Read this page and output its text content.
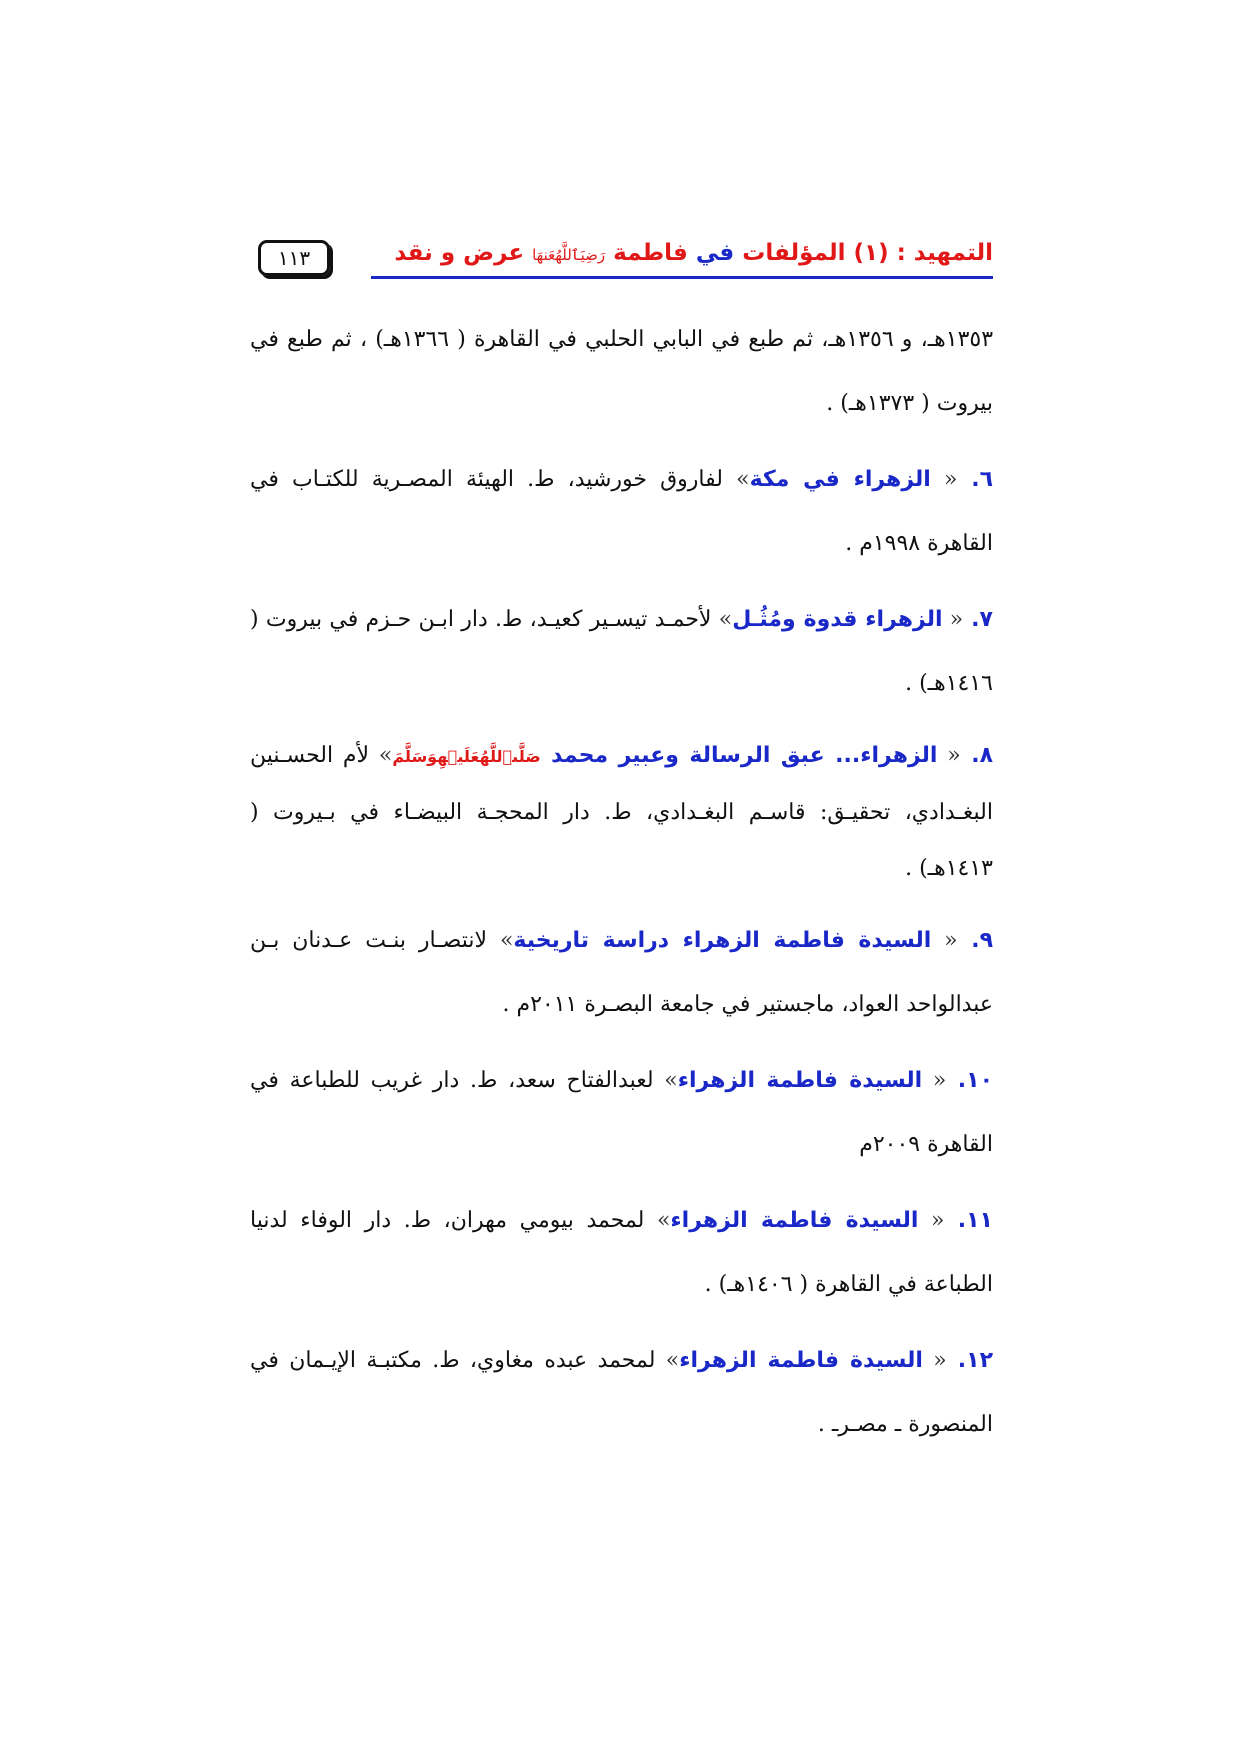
التمهيد : (١) المؤلفات في فاطمة رَضِيَٱللَّهُعَنهَا عرض و نقد
١١٣

١٣٥٣هـ، و ١٣٥٦هـ، ثم طبع في البابي الحلبي في القاهرة ( ١٣٦٦هـ) ، ثم طبع في بيروت ( ١٣٧٣هـ) .

٦. « الزهراء في مكة» لفاروق خورشيد، ط. الهيئة المصـرية للكتـاب في القاهرة ١٩٩٨م .

٧. « الزهراء قدوة ومُثُـل» لأحمـد تيسـير كعيـد، ط. دار ابـن حـزم في بيروت ( ١٤١٦هـ) .

٨. « الزهراء... عبق الرسالة وعبير محمد صَلَّىٱللَّهُعَلَيۡهِوَسَلَّمَ» لأم الحسـنين البغـدادي، تحقيـق: قاسـم البغـدادي، ط. دار المحجـة البيضـاء في بـيروت ( ١٤١٣هـ) .

٩. « السيدة فاطمة الزهراء دراسة تاريخية» لانتصـار بنـت عـدنان بـن عبدالواحد العواد، ماجستير في جامعة البصـرة ٢٠١١م .

١٠. « السيدة فاطمة الزهراء» لعبدالفتاح سعد، ط. دار غريب للطباعة في القاهرة ٢٠٠٩م

١١. « السيدة فاطمة الزهراء» لمحمد بيومي مهران، ط. دار الوفاء لدنيا الطباعة في القاهرة ( ١٤٠٦هـ) .

١٢. « السيدة فاطمة الزهراء» لمحمد عبده مغاوي، ط. مكتبـة الإيـمان في المنصورة ـ مصـرـ .
